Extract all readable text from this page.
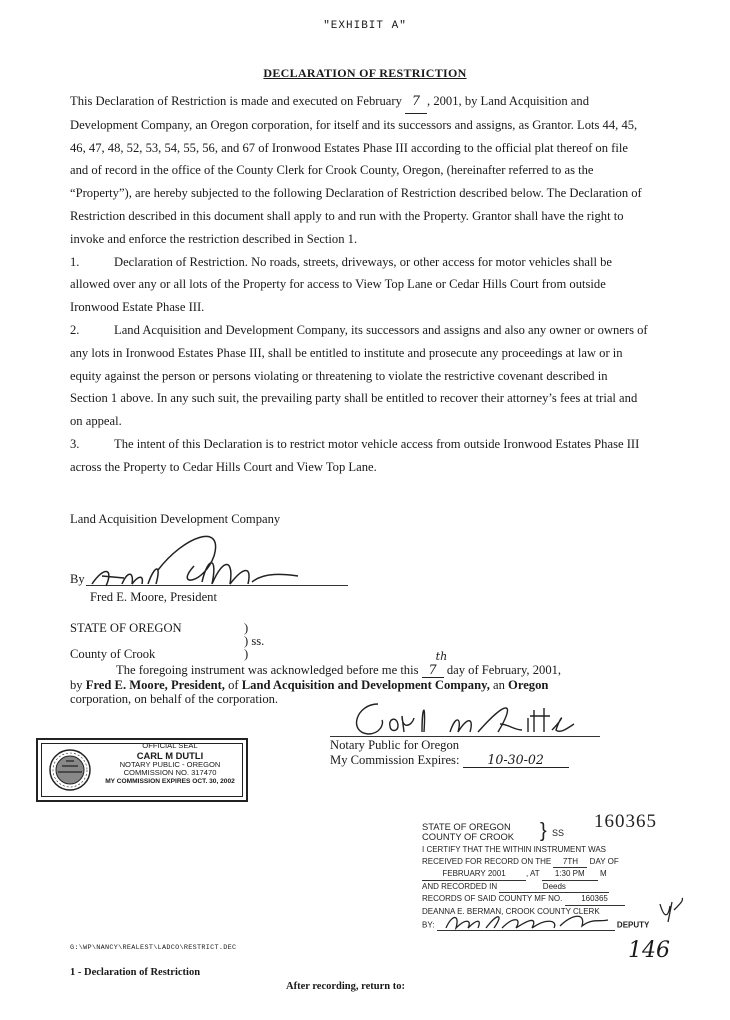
"EXHIBIT A"
DECLARATION OF RESTRICTION

This Declaration of Restriction is made and executed on February 7 , 2001, by Land Acquisition and Development Company, an Oregon corporation, for itself and its successors and assigns, as Grantor. Lots 44, 45, 46, 47, 48, 52, 53, 54, 55, 56, and 67 of Ironwood Estates Phase III according to the official plat thereof on file and of record in the office of the County Clerk for Crook County, Oregon, (hereinafter referred to as the “Property”), are hereby subjected to the following Declaration of Restriction described below. The Declaration of Restriction described in this document shall apply to and run with the Property. Grantor shall have the right to invoke and enforce the restriction described in Section 1.

1.	Declaration of Restriction. No roads, streets, driveways, or other access for motor vehicles shall be allowed over any or all lots of the Property for access to View Top Lane or Cedar Hills Court from outside Ironwood Estate Phase III.

2.	Land Acquisition and Development Company, its successors and assigns and also any owner or owners of any lots in Ironwood Estates Phase III, shall be entitled to institute and prosecute any proceedings at law or in equity against the person or persons violating or threatening to violate the restrictive covenant described in Section 1 above. In any such suit, the prevailing party shall be entitled to recover their attorney’s fees at trial and on appeal.

3.	The intent of this Declaration is to restrict motor vehicle access from outside Ironwood Estates Phase III across the Property to Cedar Hills Court and View Top Lane.

Land Acquisition Development Company
By
Fred E. Moore, President
STATE OF OREGON	)
) ss.
County of Crook	)
The foregoing instrument was acknowledged before me this 7
th
day of February, 2001,
by Fred E. Moore, President, of Land Acquisition and Development Company, an Oregon
corporation, on behalf of the corporation.
Notary Public for Oregon
My Commission Expires: 10-30-02
OFFICIAL SEAL
CARL M DUTLI
NOTARY PUBLIC - OREGON
COMMISSION NO. 317470
MY COMMISSION EXPIRES OCT. 30, 2002
STATE OF OREGON
COUNTY OF CROOK } SS
160365
I CERTIFY THAT THE WITHIN INSTRUMENT WAS
RECEIVED FOR RECORD ON THE 7TH DAY OF
FEBRUARY 2001	, AT 1:30 PM M
AND RECORDED IN	Deeds
RECORDS OF SAID COUNTY MF NO. 160365
DEANNA E. BERMAN, CROOK COUNTY CLERK
BY:	DEPUTY
146
G:\WP\NANCY\REALEST\LADCO\RESTRICT.DEC
1 - Declaration of Restriction
After recording, return to:
